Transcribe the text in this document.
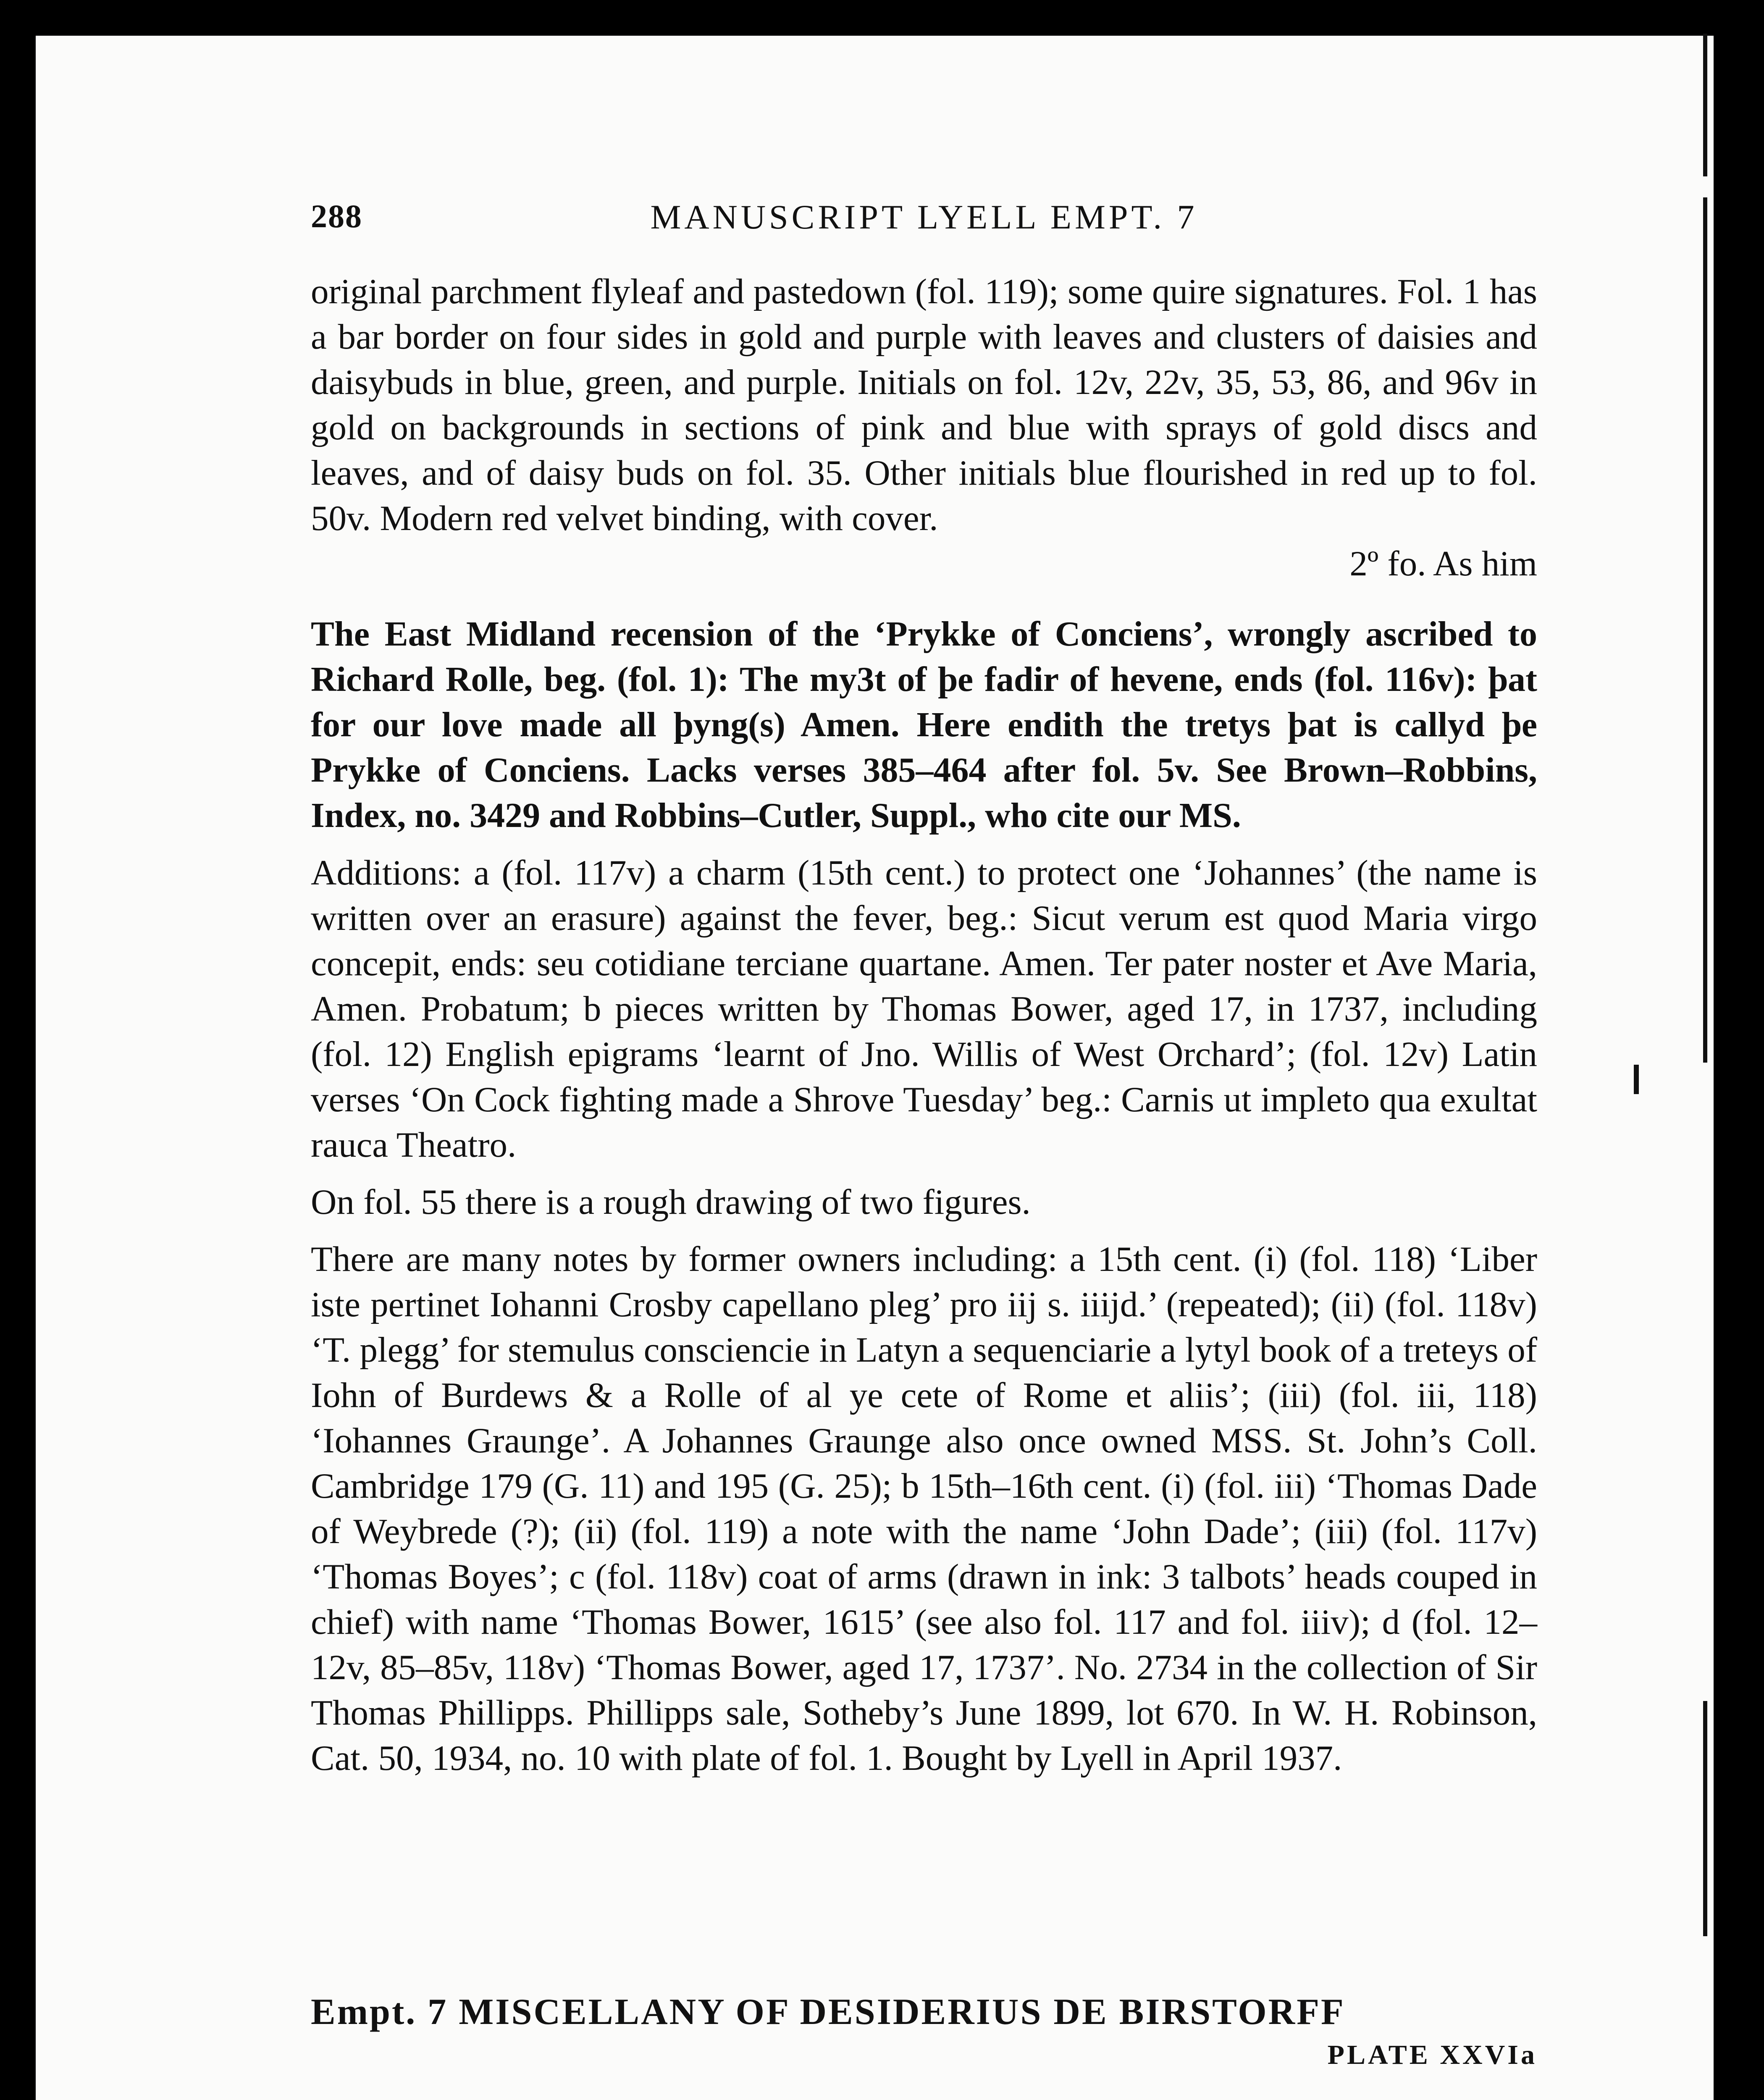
288	MANUSCRIPT LYELL EMPT. 7

original parchment flyleaf and pastedown (fol. 119); some quire signatures. Fol. 1 has a bar border on four sides in gold and purple with leaves and clusters of daisies and daisybuds in blue, green, and purple. Initials on fol. 12v, 22v, 35, 53, 86, and 96v in gold on backgrounds in sections of pink and blue with sprays of gold discs and leaves, and of daisy buds on fol. 35. Other initials blue flourished in red up to fol. 50v. Modern red velvet binding, with cover.

2º fo. As him

The East Midland recension of the ‘Prykke of Conciens’, wrongly ascribed to Richard Rolle, beg. (fol. 1): The my3t of þe fadir of hevene, ends (fol. 116v): þat for our love made all þyng(s) Amen. Here endith the tretys þat is callyd þe Prykke of Conciens. Lacks verses 385–464 after fol. 5v. See Brown–Robbins, Index, no. 3429 and Robbins–Cutler, Suppl., who cite our MS.

Additions: a (fol. 117v) a charm (15th cent.) to protect one ‘Johannes’ (the name is written over an erasure) against the fever, beg.: Sicut verum est quod Maria virgo concepit, ends: seu cotidiane terciane quartane. Amen. Ter pater noster et Ave Maria, Amen. Probatum; b pieces written by Thomas Bower, aged 17, in 1737, including (fol. 12) English epigrams ‘learnt of Jno. Willis of West Orchard’; (fol. 12v) Latin verses ‘On Cock fighting made a Shrove Tuesday’ beg.: Carnis ut impleto qua exultat rauca Theatro.

On fol. 55 there is a rough drawing of two figures.

There are many notes by former owners including: a 15th cent. (i) (fol. 118) ‘Liber iste pertinet Iohanni Crosby capellano pleg’ pro iij s. iiijd.’ (repeated); (ii) (fol. 118v) ‘T. plegg’ for stemulus consciencie in Latyn a sequenciarie a lytyl book of a treteys of Iohn of Burdews & a Rolle of al ye cete of Rome et aliis’; (iii) (fol. iii, 118) ‘Iohannes Graunge’. A Johannes Graunge also once owned MSS. St. John’s Coll. Cambridge 179 (G. 11) and 195 (G. 25); b 15th–16th cent. (i) (fol. iii) ‘Thomas Dade of Weybrede (?); (ii) (fol. 119) a note with the name ‘John Dade’; (iii) (fol. 117v) ‘Thomas Boyes’; c (fol. 118v) coat of arms (drawn in ink: 3 talbots’ heads couped in chief) with name ‘Thomas Bower, 1615’ (see also fol. 117 and fol. iiiv); d (fol. 12–12v, 85–85v, 118v) ‘Thomas Bower, aged 17, 1737’. No. 2734 in the collection of Sir Thomas Phillipps. Phillipps sale, Sotheby’s June 1899, lot 670. In W. H. Robinson, Cat. 50, 1934, no. 10 with plate of fol. 1. Bought by Lyell in April 1937.

Empt. 7 MISCELLANY OF DESIDERIUS DE BIRSTORFF
PLATE XXVIa
